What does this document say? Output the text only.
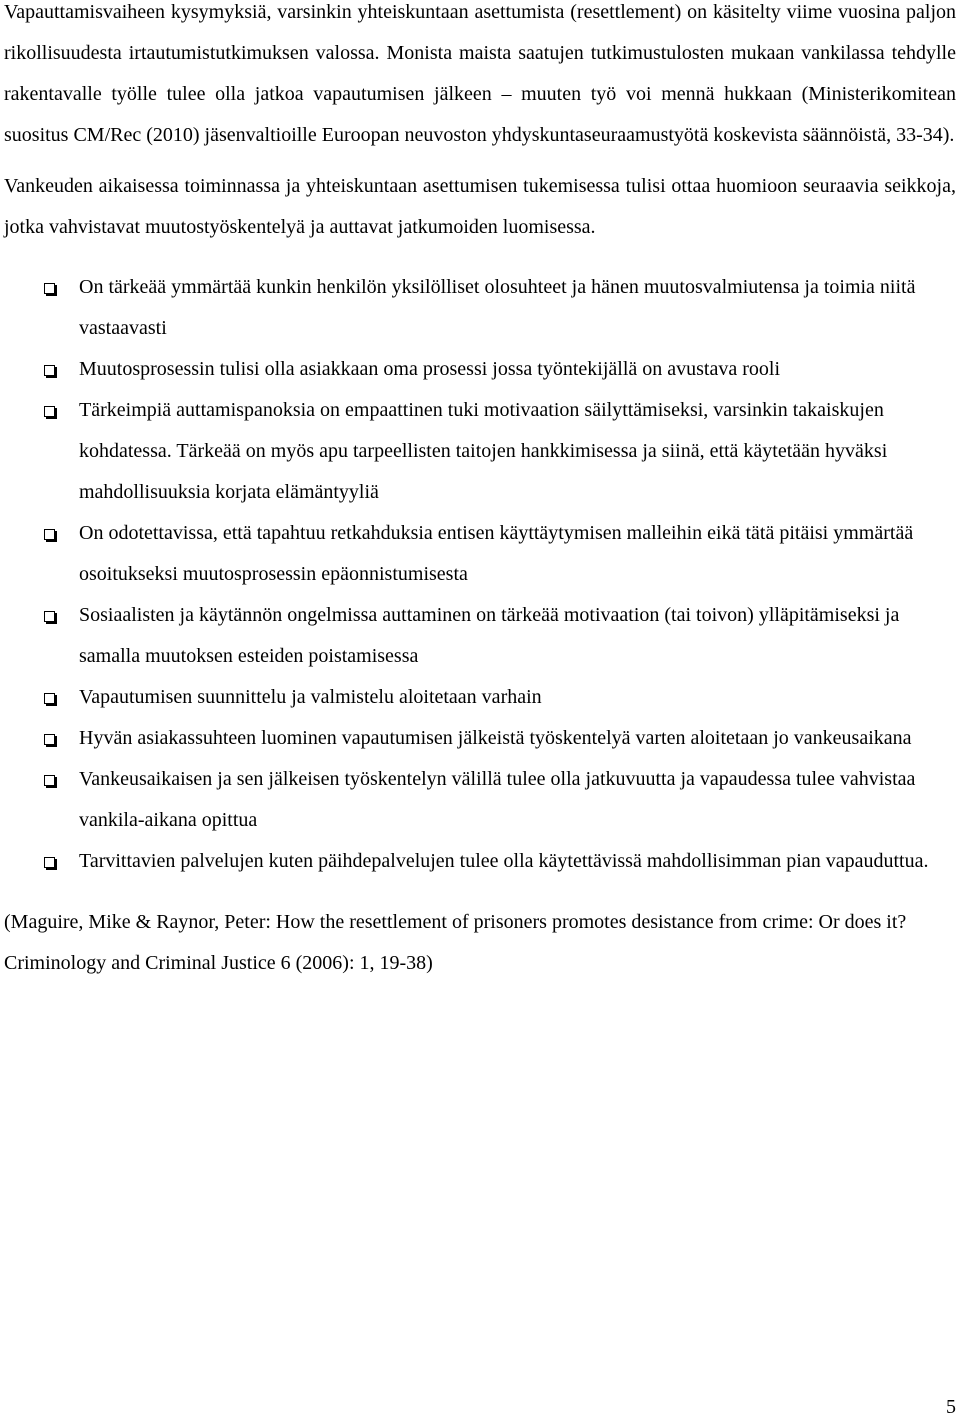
Vapauttamisvaiheen kysymyksiä, varsinkin yhteiskuntaan asettumista (resettlement) on käsitelty viime vuosina paljon rikollisuudesta irtautumistutkimuksen valossa. Monista maista saatujen tutkimustulosten mukaan vankilassa tehdylle rakentavalle työlle tulee olla jatkoa vapautumisen jälkeen – muuten työ voi mennä hukkaan (Ministerikomitean suositus CM/Rec (2010) jäsenvaltioille Euroopan neuvoston yhdyskuntaseuraamustyötä koskevista säännöistä, 33-34).

Vankeuden aikaisessa toiminnassa ja yhteiskuntaan asettumisen tukemisessa tulisi ottaa huomioon seuraavia seikkoja, jotka vahvistavat muutostyöskentelyä ja auttavat jatkumoiden luomisessa.

On tärkeää ymmärtää kunkin henkilön yksilölliset olosuhteet ja hänen muutosvalmiutensa ja toimia niitä vastaavasti
Muutosprosessin tulisi olla asiakkaan oma prosessi jossa työntekijällä on avustava rooli
Tärkeimpiä auttamispanoksia on empaattinen tuki motivaation säilyttämiseksi, varsinkin takaiskujen kohdatessa. Tärkeää on myös apu tarpeellisten taitojen hankkimisessa ja siinä, että käytetään hyväksi mahdollisuuksia korjata elämäntyyliä
On odotettavissa, että tapahtuu retkahduksia entisen käyttäytymisen malleihin eikä tätä pitäisi ymmärtää osoitukseksi muutosprosessin epäonnistumisesta
Sosiaalisten ja käytännön ongelmissa auttaminen on tärkeää motivaation (tai toivon) ylläpitämiseksi ja samalla muutoksen esteiden poistamisessa
Vapautumisen suunnittelu ja valmistelu aloitetaan varhain
Hyvän asiakassuhteen luominen vapautumisen jälkeistä työskentelyä varten aloitetaan jo vankeusaikana
Vankeusaikaisen ja sen jälkeisen työskentelyn välillä tulee olla jatkuvuutta ja vapaudessa tulee vahvistaa vankila-aikana opittua
Tarvittavien palvelujen kuten päihdepalvelujen tulee olla käytettävissä mahdollisimman pian vapauduttua.

(Maguire, Mike & Raynor, Peter: How the resettlement of prisoners promotes desistance from crime: Or does it? Criminology and Criminal Justice 6 (2006): 1, 19-38)

5
